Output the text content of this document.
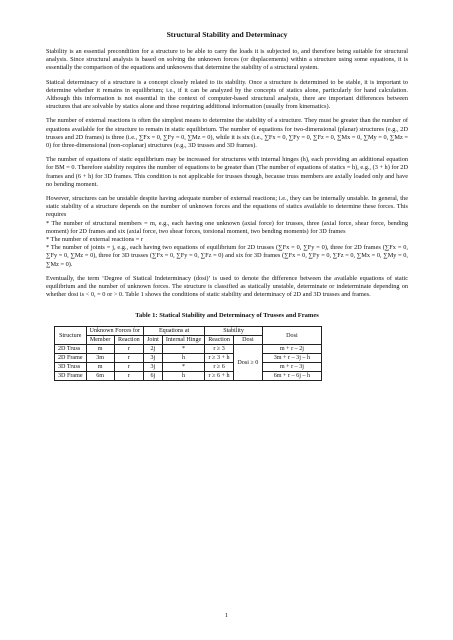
Structural Stability and Determinacy

Stability is an essential precondition for a structure to be able to carry the loads it is subjected to, and therefore being suitable for structural analysis. Since structural analysis is based on solving the unknown forces (or displacements) within a structure using some equations, it is essentially the comparison of the equations and unknowns that determine the stability of a structural system.

Statical determinacy of a structure is a concept closely related to its stability. Once a structure is determined to be stable, it is important to determine whether it remains in equilibrium; i.e., if it can be analyzed by the concepts of statics alone, particularly for hand calculation. Although this information is not essential in the context of computer-based structural analysis, there are important differences between structures that are solvable by statics alone and those requiring additional information (usually from kinematics).

The number of external reactions is often the simplest means to determine the stability of a structure. They must be greater than the number of equations available for the structure to remain in static equilibrium. The number of equations for two-dimensional (planar) structures (e.g., 2D trusses and 2D frames) is three (i.e., ∑Fx = 0, ∑Fy = 0, ∑Mz = 0), while it is six (i.e., ∑Fx = 0, ∑Fy = 0, ∑Fz = 0, ∑Mx = 0, ∑My = 0, ∑Mz = 0) for three-dimensional (non-coplanar) structures (e.g., 3D trusses and 3D frames).

The number of equations of static equilibrium may be increased for structures with internal hinges (h), each providing an additional equation for BM = 0. Therefore stability requires the number of equations to be greater than (The number of equations of statics = h), e.g., (3 + h) for 2D frames and (6 + h) for 3D frames. This condition is not applicable for trusses though, because truss members are axially loaded only and have no bending moment.

However, structures can be unstable despite having adequate number of external reactions; i.e., they can be internally unstable. In general, the static stability of a structure depends on the number of unknown forces and the equations of statics available to determine these forces. This requires

* The number of structural members = m, e.g., each having one unknown (axial force) for trusses, three (axial force, shear force, bending moment) for 2D frames and six (axial force, two shear forces, torsional moment, two bending moments) for 3D frames
* The number of external reactions = r
* The number of joints = j, e.g., each having two equations of equilibrium for 2D trusses (∑Fx = 0, ∑Fy = 0), three for 2D frames (∑Fx = 0, ∑Fy = 0, ∑Mz = 0), three for 3D trusses (∑Fx = 0, ∑Fy = 0, ∑Fz = 0) and six for 3D frames (∑Fx = 0, ∑Fy = 0, ∑Fz = 0, ∑Mx = 0, ∑My = 0, ∑Mz = 0).

Eventually, the term ‘Degree of Statical Indeterminacy (dosi)’ is used to denote the difference between the available equations of static equilibrium and the number of unknown forces. The structure is classified as statically unstable, determinate or indeterminate depending on whether dosi is < 0, = 0 or > 0. Table 1 shows the conditions of static stability and determinacy of 2D and 3D trusses and frames.

Table 1: Statical Stability and Determinacy of Trusses and Frames
Structure	Unknown Forces for		Equations at		Stability		Dosi
	Member	Reaction	Joint	Internal Hinge	Reaction	Dosi	
2D Truss	m	r	2j	*	r ≥ 3	Dosi ≥ 0	m + r – 2j
2D Frame	3m	r	3j	h	r ≥ 3 + h		3m + r – 3j – h
3D Truss	m	r	3j	*	r ≥ 6		m + r – 3j
3D Frame	6m	r	6j	h	r ≥ 6 + h		6m + r – 6j – h
1
